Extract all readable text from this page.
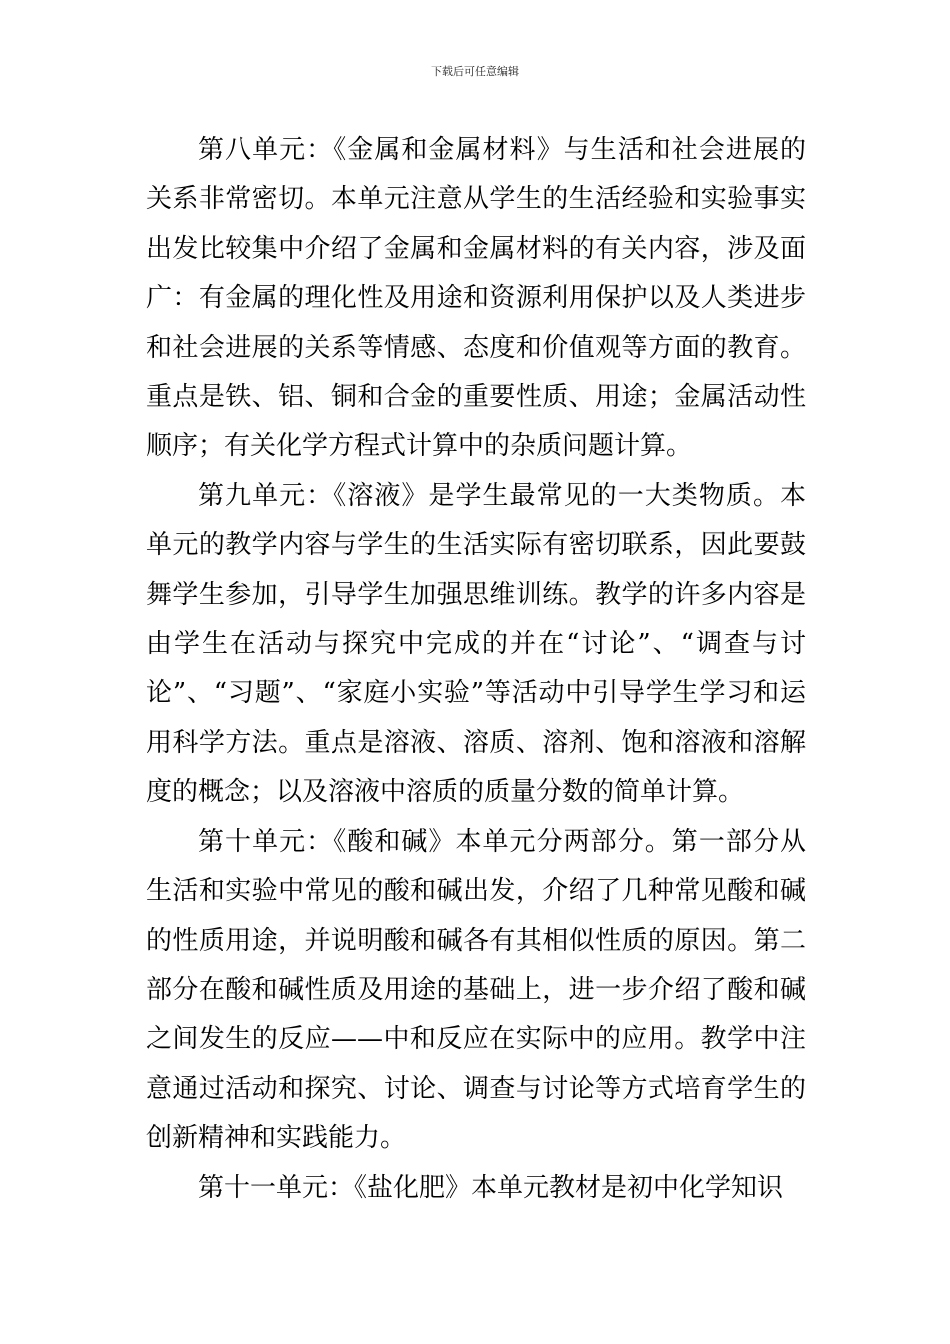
下载后可任意编辑

第八单元：《金属和金属材料》与生活和社会进展的关系非常密切。本单元注意从学生的生活经验和实验事实出发比较集中介绍了金属和金属材料的有关内容，涉及面广：有金属的理化性及用途和资源利用保护以及人类进步和社会进展的关系等情感、态度和价值观等方面的教育。重点是铁、铝、铜和合金的重要性质、用途；金属活动性顺序；有关化学方程式计算中的杂质问题计算。

第九单元：《溶液》是学生最常见的一大类物质。本单元的教学内容与学生的生活实际有密切联系，因此要鼓舞学生参加，引导学生加强思维训练。教学的许多内容是由学生在活动与探究中完成的并在“讨论”、“调查与讨论”、“习题”、“家庭小实验”等活动中引导学生学习和运用科学方法。重点是溶液、溶质、溶剂、饱和溶液和溶解度的概念；以及溶液中溶质的质量分数的简单计算。

第十单元：《酸和碱》本单元分两部分。第一部分从生活和实验中常见的酸和碱出发，介绍了几种常见酸和碱的性质用途，并说明酸和碱各有其相似性质的原因。第二部分在酸和碱性质及用途的基础上，进一步介绍了酸和碱之间发生的反应——中和反应在实际中的应用。教学中注意通过活动和探究、讨论、调查与讨论等方式培育学生的创新精神和实践能力。

第十一单元：《盐化肥》本单元教材是初中化学知识
